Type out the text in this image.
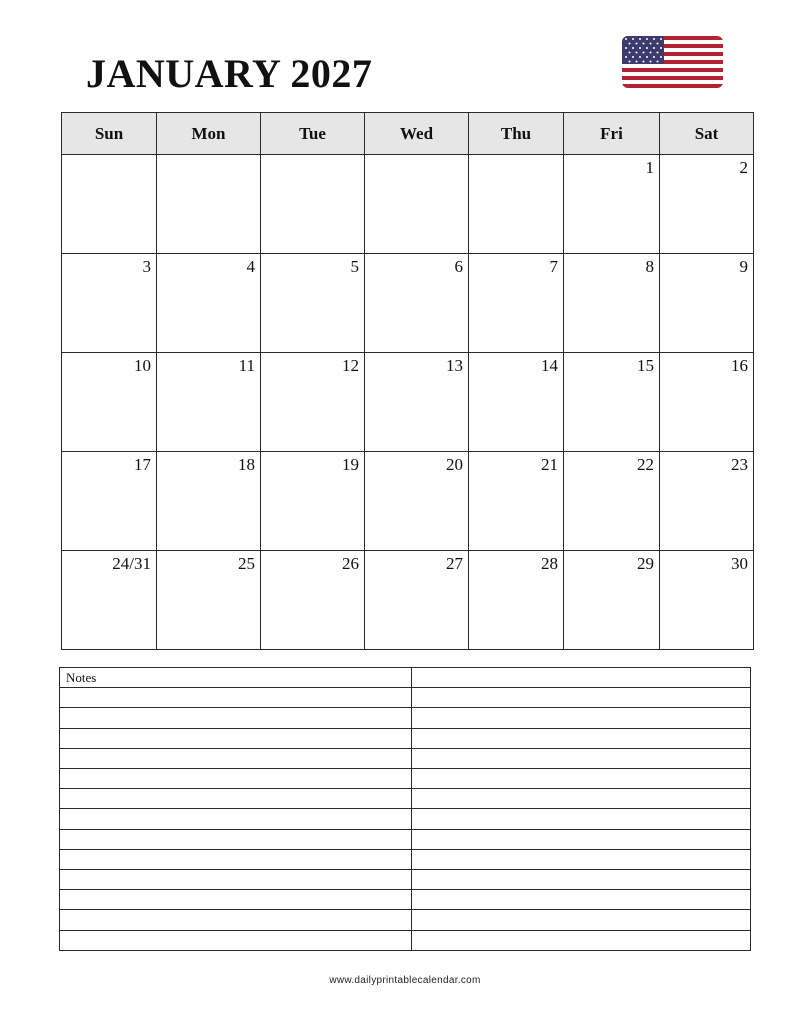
JANUARY 2027
Sun	Mon	Tue	Wed	Thu	Fri	Sat

					1	2

3	4	5	6	7	8	9

10	11	12	13	14	15	16

17	18	19	20	21	22	23

24/31	25	26	27	28	29	30
Notes	

www.dailyprintablecalendar.com
